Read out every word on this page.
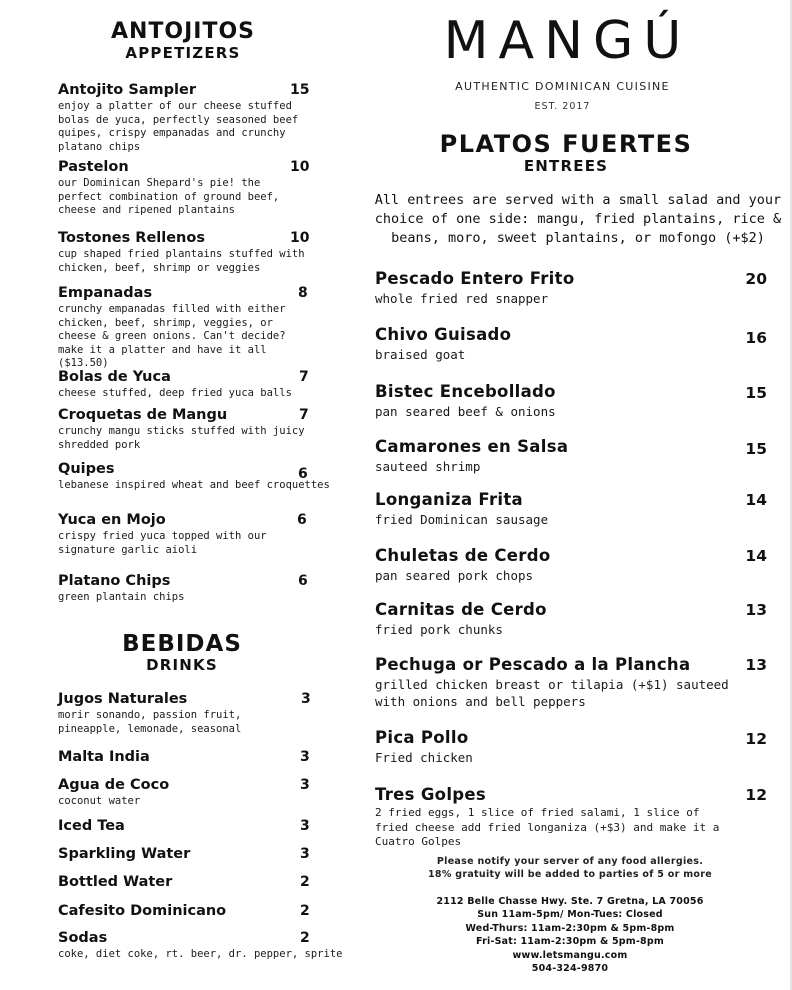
ANTOJITOS
APPETIZERS
Antojito Sampler	15
enjoy a platter of our cheese stuffed bolas de yuca, perfectly seasoned beef quipes, crispy empanadas and crunchy platano chips
Pastelon	10
our Dominican Shepard's pie! the perfect combination of ground beef, cheese and ripened plantains
Tostones Rellenos	10
cup shaped fried plantains stuffed with chicken, beef, shrimp or veggies
Empanadas	8
crunchy empanadas filled with either chicken, beef, shrimp, veggies, or cheese & green onions. Can't decide? make it a platter and have it all ($13.50)
Bolas de Yuca	7
cheese stuffed, deep fried yuca balls
Croquetas de Mangu	7
crunchy mangu sticks stuffed with juicy shredded pork
Quipes	6
lebanese inspired wheat and beef croquettes
Yuca en Mojo	6
crispy fried yuca topped with our signature garlic aioli
Platano Chips	6
green plantain chips
BEBIDAS
DRINKS
Jugos Naturales	3
morir sonando, passion fruit, pineapple, lemonade, seasonal
Malta India	3
Agua de Coco	3
coconut water
Iced Tea	3
Sparkling Water	3
Bottled Water	2
Cafesito Dominicano	2
Sodas	2
coke, diet coke, rt. beer, dr. pepper, sprite
MANGÚ
AUTHENTIC DOMINICAN CUISINE
EST. 2017
PLATOS FUERTES
ENTREES
All entrees are served with a small salad and your choice of one side: mangu, fried plantains, rice & beans, moro, sweet plantains, or mofongo (+$2)
Pescado Entero Frito	20
whole fried red snapper
Chivo Guisado	16
braised goat
Bistec Encebollado	15
pan seared beef & onions
Camarones en Salsa	15
sauteed shrimp
Longaniza Frita	14
fried Dominican sausage
Chuletas de Cerdo	14
pan seared pork chops
Carnitas de Cerdo	13
fried pork chunks
Pechuga or Pescado a la Plancha	13
grilled chicken breast or tilapia (+$1) sauteed with onions and bell peppers
Pica Pollo	12
Fried chicken
Tres Golpes	12
2 fried eggs, 1 slice of fried salami, 1 slice of fried cheese add fried longaniza (+$3) and make it a Cuatro Golpes
Please notify your server of any food allergies.
18% gratuity will be added to parties of 5 or more
2112 Belle Chasse Hwy. Ste. 7 Gretna, LA 70056
Sun 11am-5pm/ Mon-Tues: Closed
Wed-Thurs: 11am-2:30pm & 5pm-8pm
Fri-Sat: 11am-2:30pm & 5pm-8pm
www.letsmangu.com
504-324-9870
